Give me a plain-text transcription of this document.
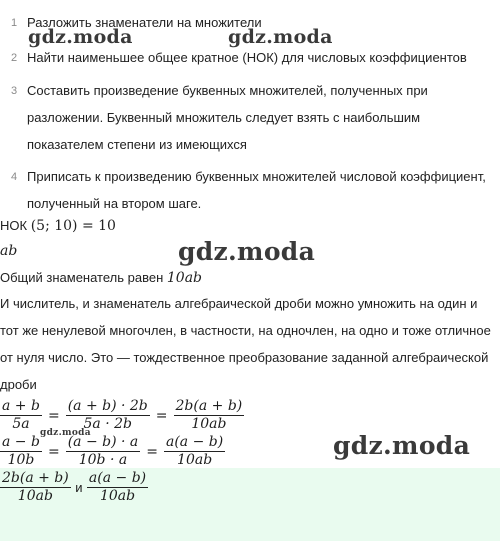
1 Разложить знаменатели на множители
2 Найти наименьшее общее кратное (НОК) для числовых коэффициентов
3 Составить произведение буквенных множителей, полученных при разложении. Буквенный множитель следует взять с наибольшим показателем степени из имеющихся
4 Приписать к произведению буквенных множителей числовой коэффициент, полученный на втором шаге.
НОК (5; 10) = 10
ab
Общий знаменатель равен 10ab
И числитель, и знаменатель алгебраической дроби можно умножить на один и тот же ненулевой многочлен, в частности, на одночлен, на одно и тоже отличное от нуля число. Это — тождественное преобразование заданной алгебраической дроби
$\frac{a + b}{5a} = \frac{(a + b) \cdot 2b}{5a \cdot 2b} = \frac{2b(a + b)}{10ab}$
$\frac{a - b}{10b} = \frac{(a - b) \cdot a}{10b \cdot a} = \frac{a(a - b)}{10ab}$
$\frac{2b(a + b)}{10ab}$ и $\frac{a(a - b)}{10ab}$
gdz.moda	gdz.moda
gdz.moda
gdz.moda
gdz.moda
